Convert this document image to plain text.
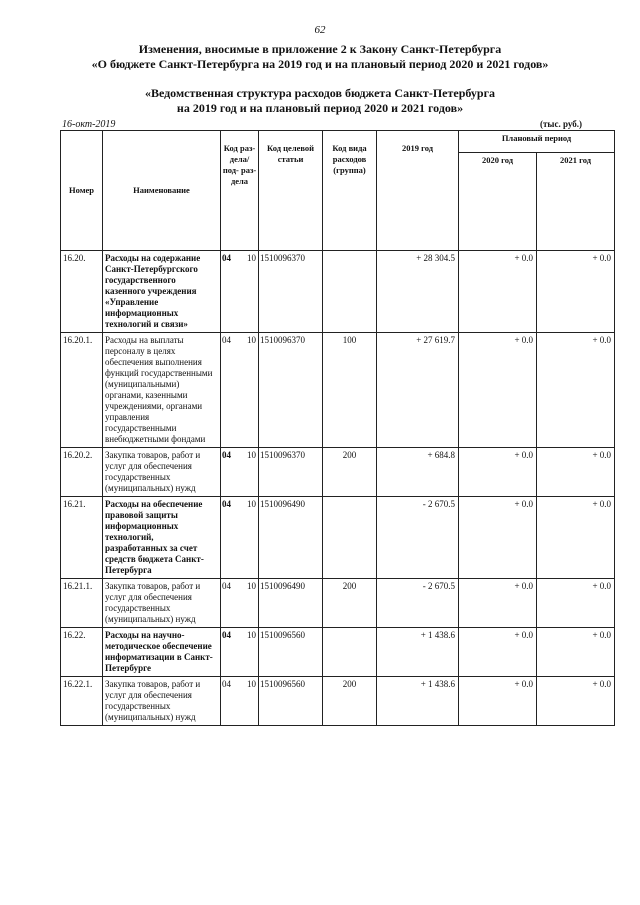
62
Изменения, вносимые в приложение 2 к Закону Санкт-Петербурга
«О бюджете Санкт-Петербурга на 2019 год и на плановый период 2020 и 2021 годов»
«Ведомственная структура расходов бюджета Санкт-Петербурга
на 2019 год и на плановый период 2020 и 2021 годов»
16-окт-2019	(тыс. руб.)
Номер	Наименование	Код раз- дела/ под- раз- дела		Код целевой статьи	Код вида расходов (группа)	2019 год	Плановый период	
							2020 год	2021 год
16.20.	Расходы на содержание Санкт-Петербургского государственного казенного учреждения «Управление информационных технологий и связи»	04	10	1510096370		+ 28 304.5	+ 0.0	+ 0.0
16.20.1.	Расходы на выплаты персоналу в целях обеспечения выполнения функций государственными (муниципальными) органами, казенными учреждениями, органами управления государственными внебюджетными фондами	04	10	1510096370	100	+ 27 619.7	+ 0.0	+ 0.0
16.20.2.	Закупка товаров, работ и услуг для обеспечения государственных (муниципальных) нужд	04	10	1510096370	200	+ 684.8	+ 0.0	+ 0.0
16.21.	Расходы на обеспечение правовой защиты информационных технологий, разработанных за счет средств бюджета Санкт-Петербурга	04	10	1510096490		- 2 670.5	+ 0.0	+ 0.0
16.21.1.	Закупка товаров, работ и услуг для обеспечения государственных (муниципальных) нужд	04	10	1510096490	200	- 2 670.5	+ 0.0	+ 0.0
16.22.	Расходы на научно-методическое обеспечение информатизации в Санкт-Петербурге	04	10	1510096560		+ 1 438.6	+ 0.0	+ 0.0
16.22.1.	Закупка товаров, работ и услуг для обеспечения государственных (муниципальных) нужд	04	10	1510096560	200	+ 1 438.6	+ 0.0	+ 0.0
